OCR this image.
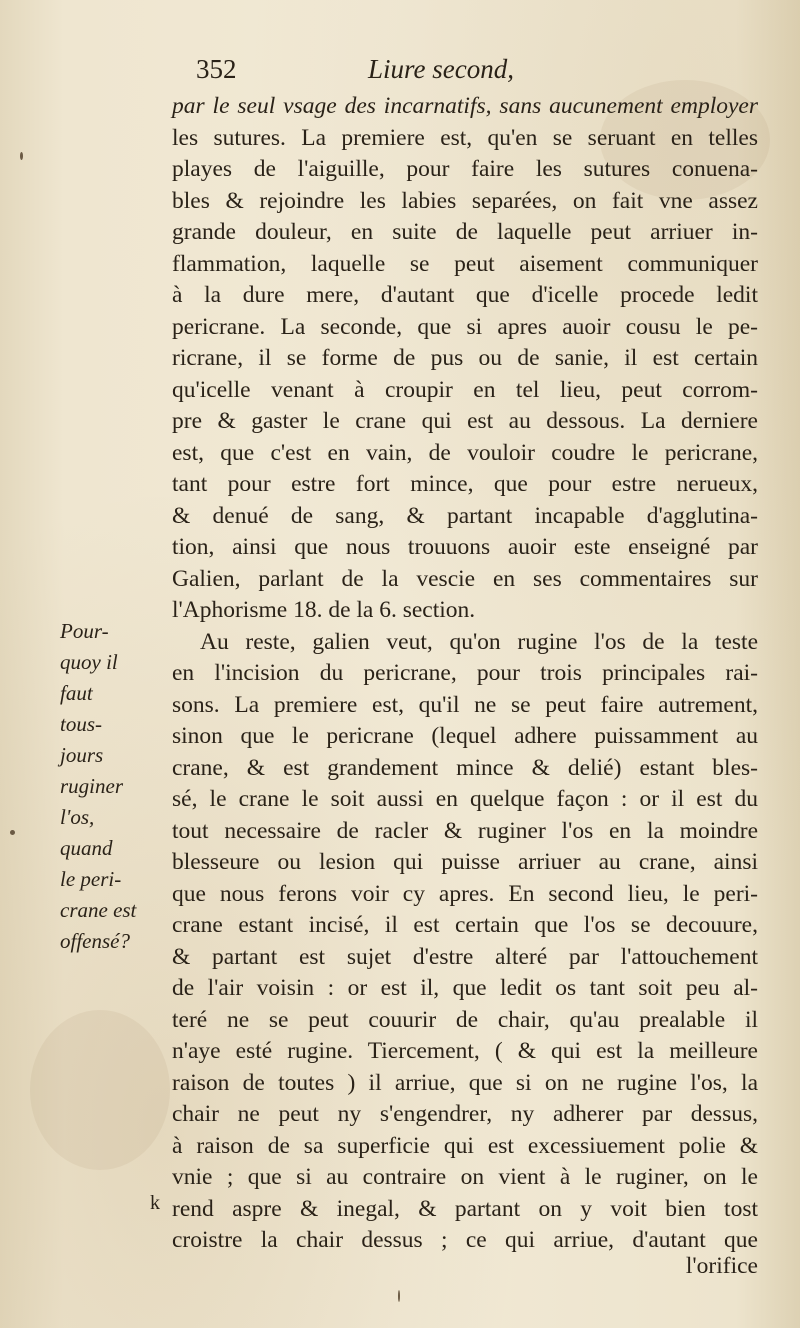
352	Liure second,
par le seul vsage des incarnatifs, sans aucunement employer
les sutures. La premiere est, qu'en se seruant en telles
playes de l'aiguille, pour faire les sutures conuena-
bles & rejoindre les labies separées, on fait vne assez
grande douleur, en suite de laquelle peut arriuer in-
flammation, laquelle se peut aisement communiquer
à la dure mere, d'autant que d'icelle procede ledit
pericrane. La seconde, que si apres auoir cousu le pe-
ricrane, il se forme de pus ou de sanie, il est certain
qu'icelle venant à croupir en tel lieu, peut corrom-
pre & gaster le crane qui est au dessous. La derniere
est, que c'est en vain, de vouloir coudre le pericrane,
tant pour estre fort mince, que pour estre nerueux,
& denué de sang, & partant incapable d'agglutina-
tion, ainsi que nous trouuons auoir este enseigné par
Galien, parlant de la vescie en ses commentaires sur
l'Aphorisme 18. de la 6. section.
Au reste, galien veut, qu'on rugine l'os de la teste
en l'incision du pericrane, pour trois principales rai-
sons. La premiere est, qu'il ne se peut faire autrement,
sinon que le pericrane (lequel adhere puissamment au
crane, & est grandement mince & delié) estant bles-
sé, le crane le soit aussi en quelque façon : or il est du
tout necessaire de racler & ruginer l'os en la moindre
blesseure ou lesion qui puisse arriuer au crane, ainsi
que nous ferons voir cy apres. En second lieu, le peri-
crane estant incisé, il est certain que l'os se decouure,
& partant est sujet d'estre alteré par l'attouchement
de l'air voisin : or est il, que ledit os tant soit peu al-
teré ne se peut couurir de chair, qu'au prealable il
n'aye esté rugine. Tiercement, ( & qui est la meilleure
raison de toutes ) il arriue, que si on ne rugine l'os, la
chair ne peut ny s'engendrer, ny adherer par dessus,
à raison de sa superficie qui est excessiuement polie &
vnie ; que si au contraire on vient à le ruginer, on le
rend aspre & inegal, & partant on y voit bien tost
croistre la chair dessus ; ce qui arriue, d'autant que
l'orifice
Pour-
quoy il
faut
tous-
jours
ruginer
l'os,
quand
le peri-
crane est
offensé?
k
